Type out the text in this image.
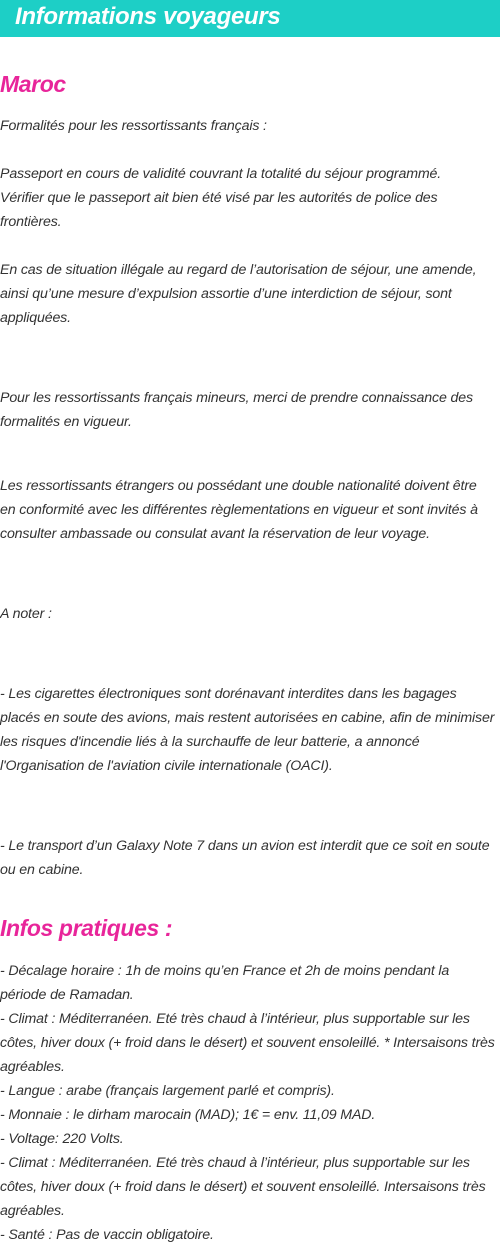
Informations voyageurs
Maroc
Formalités pour les ressortissants français :
Passeport en cours de validité couvrant la totalité du séjour programmé.
Vérifier que le passeport ait bien été visé par les autorités de police des
frontières.
En cas de situation illégale au regard de l’autorisation de séjour, une amende,
ainsi qu’une mesure d’expulsion assortie d’une interdiction de séjour, sont
appliquées.
Pour les ressortissants français mineurs, merci de prendre connaissance des
formalités en vigueur.
Les ressortissants étrangers ou possédant une double nationalité doivent être
en conformité avec les différentes règlementations en vigueur et sont invités à
consulter ambassade ou consulat avant la réservation de leur voyage.
A noter :
- Les cigarettes électroniques sont dorénavant interdites dans les bagages
placés en soute des avions, mais restent autorisées en cabine, afin de minimiser
les risques d'incendie liés à la surchauffe de leur batterie, a annoncé
l'Organisation de l'aviation civile internationale (OACI).
- Le transport d’un Galaxy Note 7 dans un avion est interdit que ce soit en soute
ou en cabine.
Infos pratiques :
- Décalage horaire : 1h de moins qu’en France et 2h de moins pendant la
période de Ramadan.
- Climat : Méditerranéen. Eté très chaud à l’intérieur, plus supportable sur les
côtes, hiver doux (+ froid dans le désert) et souvent ensoleillé. * Intersaisons très
agréables.
- Langue : arabe (français largement parlé et compris).
- Monnaie : le dirham marocain (MAD); 1€ = env. 11,09 MAD.
- Voltage: 220 Volts.
- Climat : Méditerranéen. Eté très chaud à l’intérieur, plus supportable sur les
côtes, hiver doux (+ froid dans le désert) et souvent ensoleillé. Intersaisons très
agréables.
- Santé : Pas de vaccin obligatoire.
